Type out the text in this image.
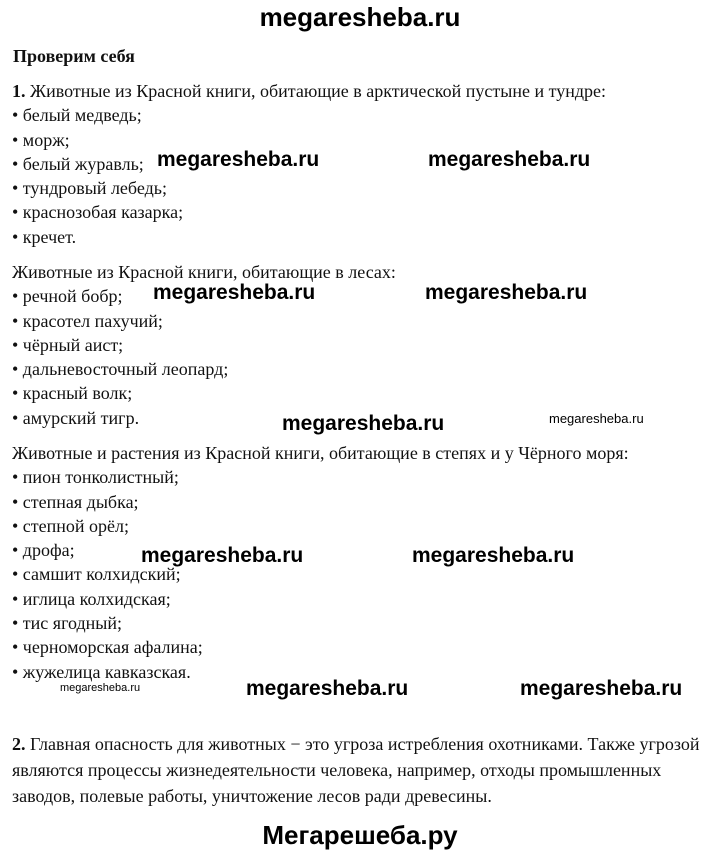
megaresheba.ru
Проверим себя
1. Животные из Красной книги, обитающие в арктической пустыне и тундре:
• белый медведь;
• морж;
• белый журавль;
• тундровый лебедь;
• краснозобая казарка;
• кречет.
Животные из Красной книги, обитающие в лесах:
• речной бобр;
• красотел пахучий;
• чёрный аист;
• дальневосточный леопард;
• красный волк;
• амурский тигр.
Животные и растения из Красной книги, обитающие в степях и у Чёрного моря:
• пион тонколистный;
• степная дыбка;
• степной орёл;
• дрофа;
• самшит колхидский;
• иглица колхидская;
• тис ягодный;
• черноморская афалина;
• жужелица кавказская.
2. Главная опасность для животных − это угроза истребления охотниками. Также угрозой являются процессы жизнедеятельности человека, например, отходы промышленных заводов, полевые работы, уничтожение лесов ради древесины.
megaresheba.ru	megaresheba.ru
megaresheba.ru	megaresheba.ru
megaresheba.ru	megaresheba.ru
megaresheba.ru	megaresheba.ru
megaresheba.ru	megaresheba.ru	megaresheba.ru
Мегарешеба.ру
